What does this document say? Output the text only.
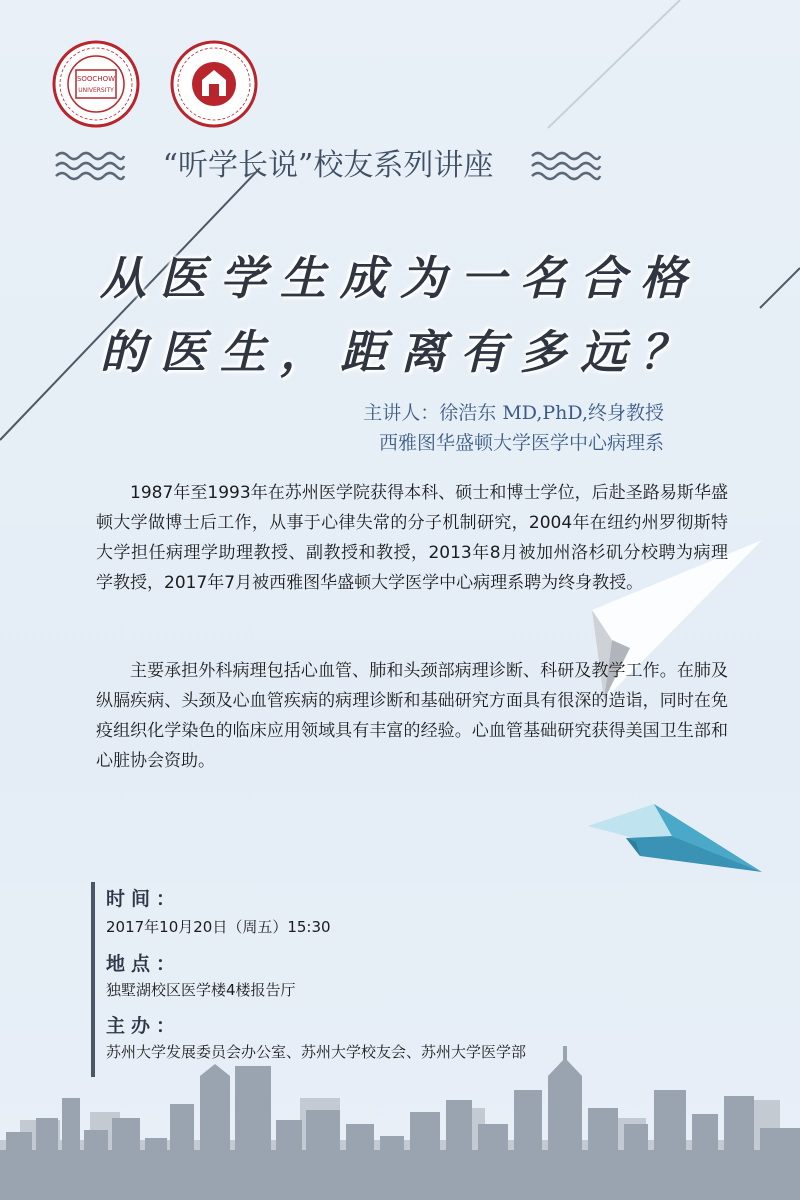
SOOCHOW
UNIVERSITY
“听学长说”校友系列讲座
从医学生成为一名合格
的医生，距离有多远？
主讲人：徐浩东 MD,PhD,终身教授
西雅图华盛顿大学医学中心病理系

1987年至1993年在苏州医学院获得本科、硕士和博士学位，后赴圣路易斯华盛顿大学做博士后工作，从事于心律失常的分子机制研究，2004年在纽约州罗彻斯特大学担任病理学助理教授、副教授和教授，2013年8月被加州洛杉矶分校聘为病理学教授，2017年7月被西雅图华盛顿大学医学中心病理系聘为终身教授。

主要承担外科病理包括心血管、肺和头颈部病理诊断、科研及教学工作。在肺及纵膈疾病、头颈及心血管疾病的病理诊断和基础研究方面具有很深的造诣，同时在免疫组织化学染色的临床应用领域具有丰富的经验。心血管基础研究获得美国卫生部和心脏协会资助。

时间：
2017年10月20日（周五）15:30
地点：
独墅湖校区医学楼4楼报告厅
主办：
苏州大学发展委员会办公室、苏州大学校友会、苏州大学医学部
